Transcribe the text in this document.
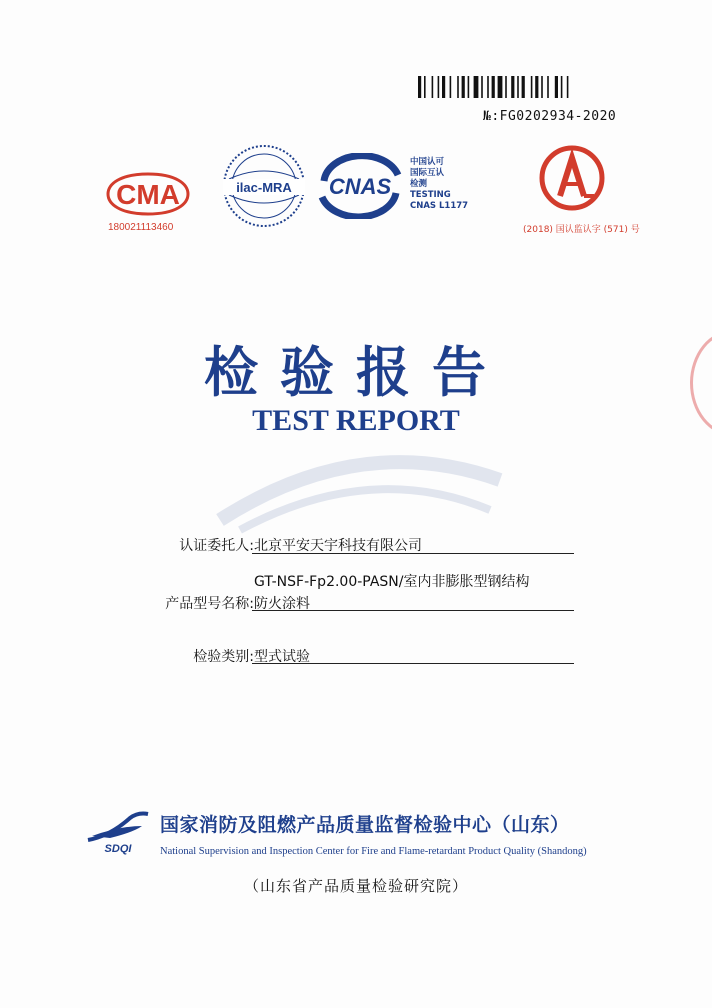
№:FG0202934-2020
CMA
180021113460
ilac-MRA CNAS
中国认可
国际互认
检测
TESTING
CNAS L1177
(2018) 国认监认字 (571) 号
检验报告
TEST REPORT
认证委托人: 北京平安天宇科技有限公司
GT-NSF-Fp2.00-PASN/室内非膨胀型钢结构
产品型号名称: 防火涂料
检验类别: 型式试验
SDQI
国家消防及阻燃产品质量监督检验中心（山东）
National Supervision and Inspection Center for Fire and Flame-retardant Product Quality (Shandong)
（山东省产品质量检验研究院）
